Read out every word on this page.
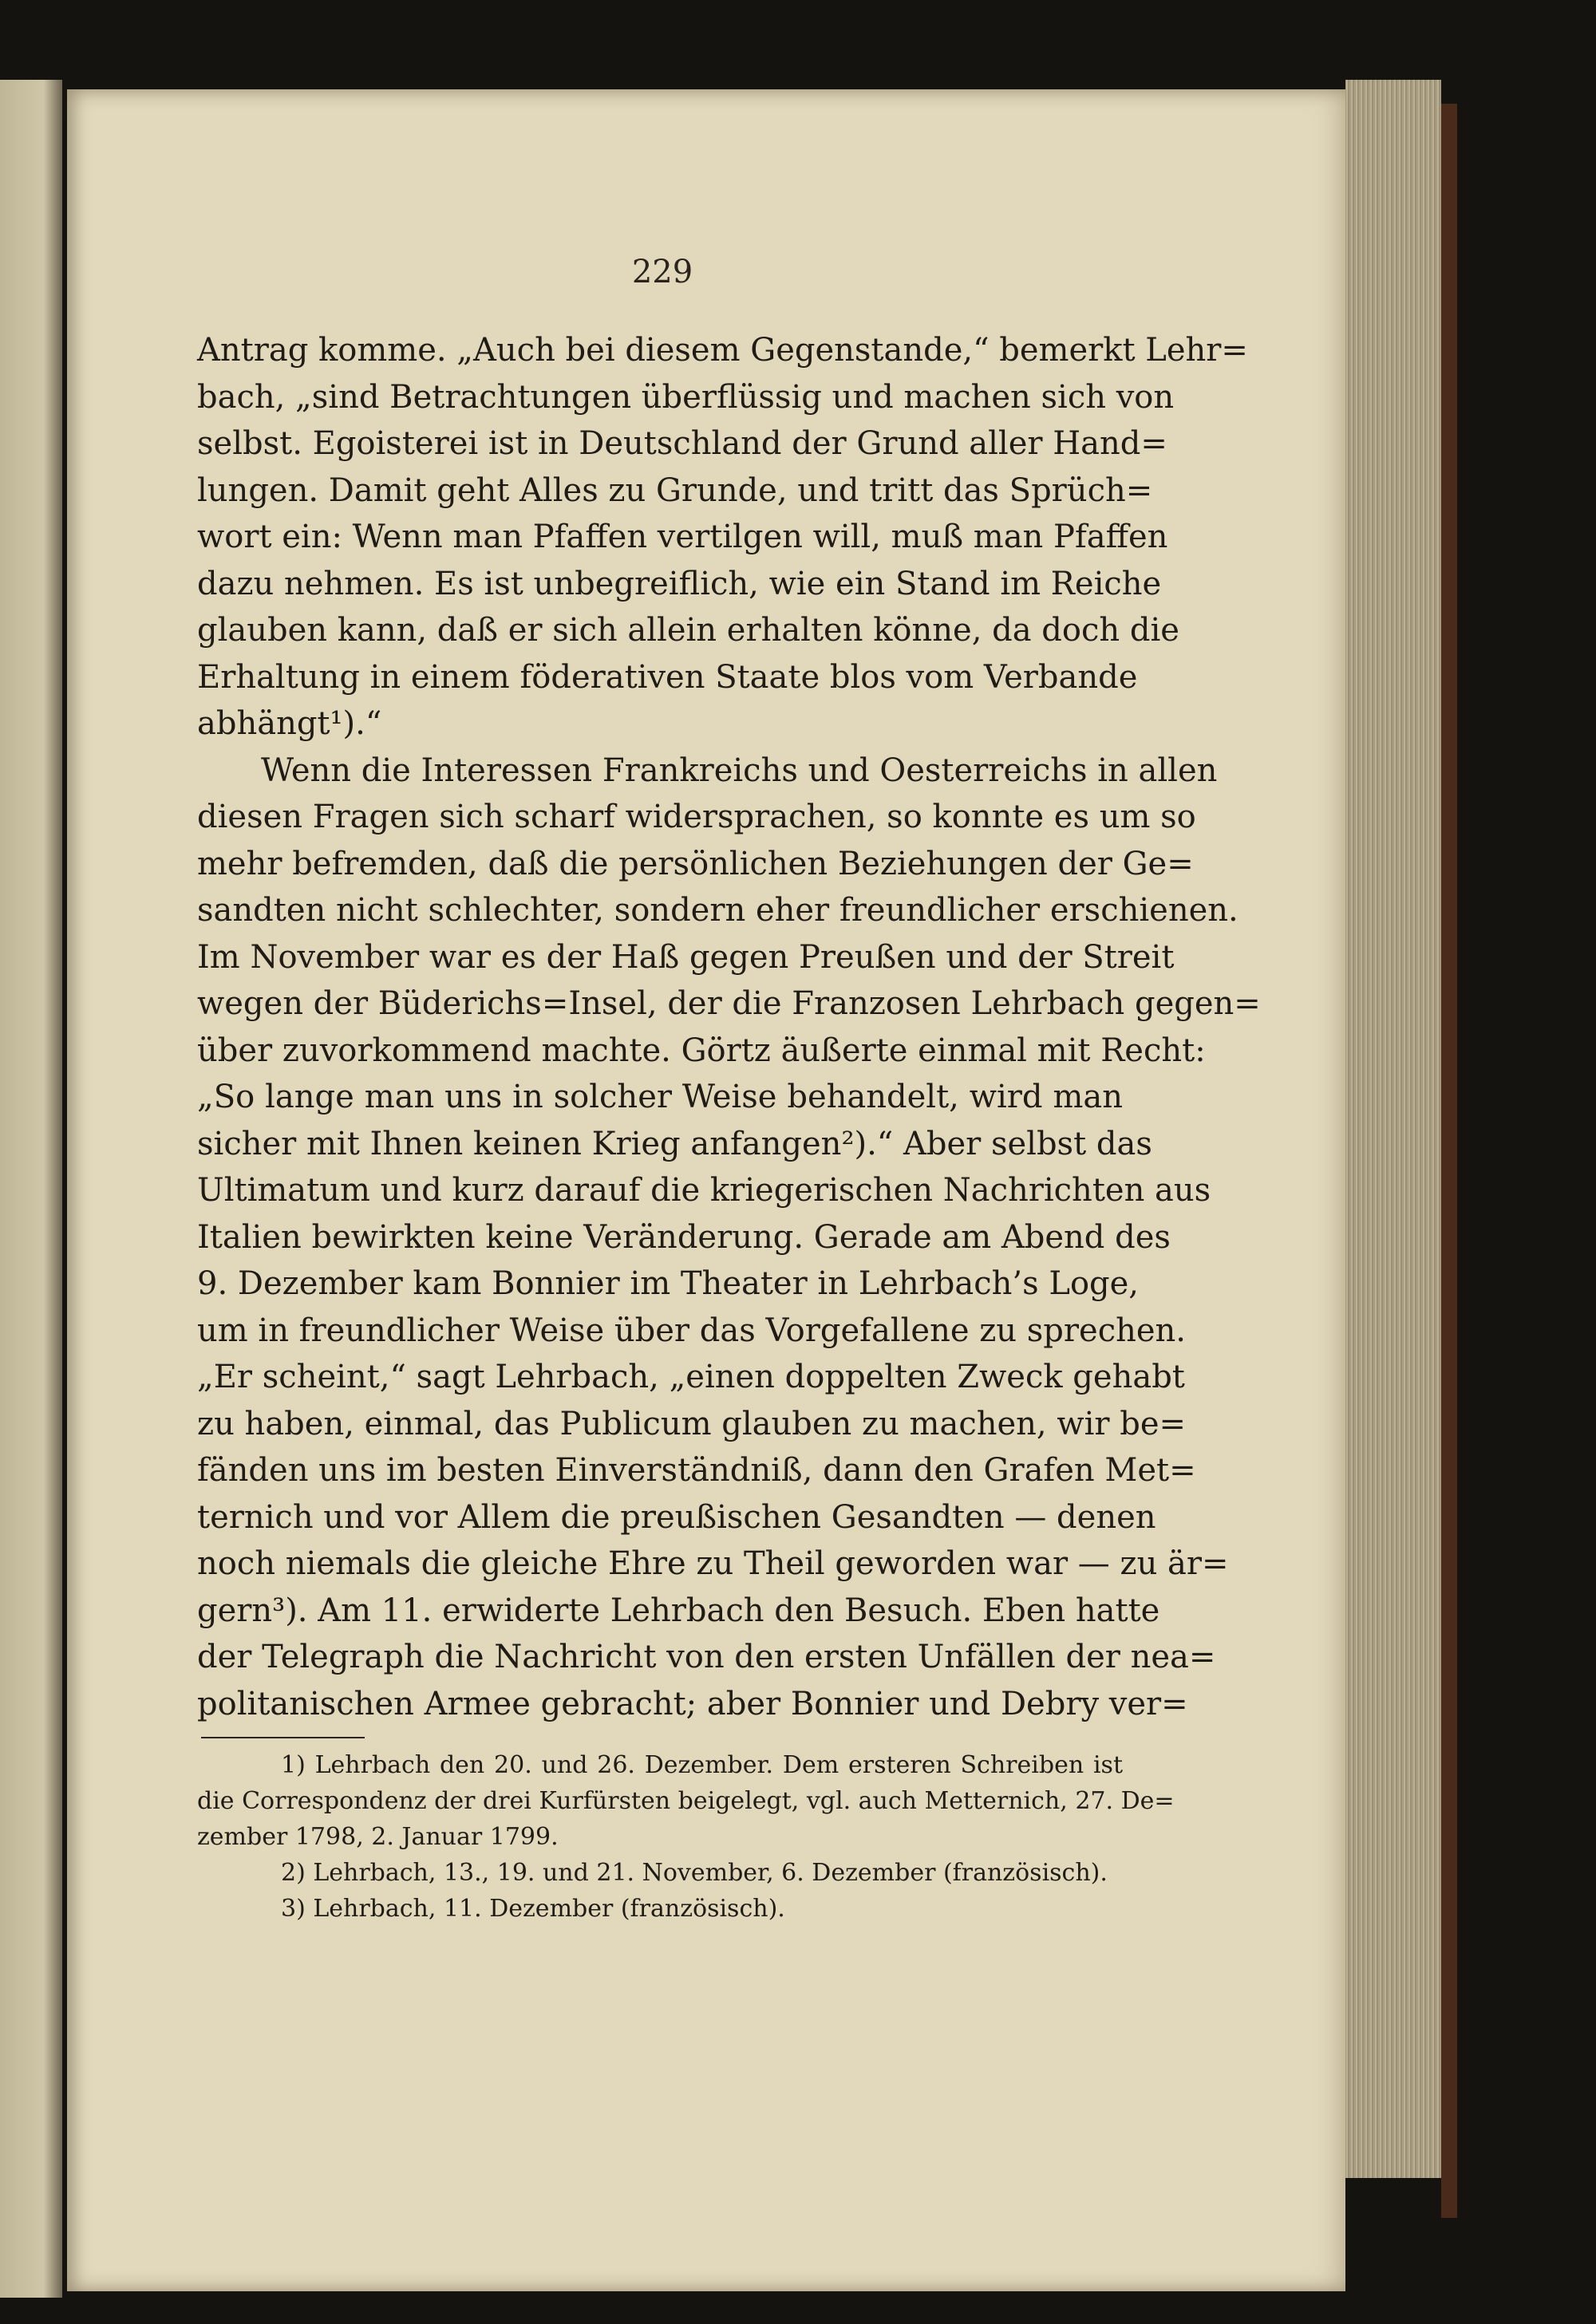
229
Antrag komme. „Auch bei diesem Gegenstande,“ bemerkt Lehr=
bach, „sind Betrachtungen überflüssig und machen sich von
selbst. Egoisterei ist in Deutschland der Grund aller Hand=
lungen. Damit geht Alles zu Grunde, und tritt das Sprüch=
wort ein: Wenn man Pfaffen vertilgen will, muß man Pfaffen
dazu nehmen. Es ist unbegreiflich, wie ein Stand im Reiche
glauben kann, daß er sich allein erhalten könne, da doch die
Erhaltung in einem föderativen Staate blos vom Verbande
abhängt¹).“
Wenn die Interessen Frankreichs und Oesterreichs in allen
diesen Fragen sich scharf widersprachen, so konnte es um so
mehr befremden, daß die persönlichen Beziehungen der Ge=
sandten nicht schlechter, sondern eher freundlicher erschienen.
Im November war es der Haß gegen Preußen und der Streit
wegen der Büderichs=Insel, der die Franzosen Lehrbach gegen=
über zuvorkommend machte. Görtz äußerte einmal mit Recht:
„So lange man uns in solcher Weise behandelt, wird man
sicher mit Ihnen keinen Krieg anfangen²).“ Aber selbst das
Ultimatum und kurz darauf die kriegerischen Nachrichten aus
Italien bewirkten keine Veränderung. Gerade am Abend des
9. Dezember kam Bonnier im Theater in Lehrbach’s Loge,
um in freundlicher Weise über das Vorgefallene zu sprechen.
„Er scheint,“ sagt Lehrbach, „einen doppelten Zweck gehabt
zu haben, einmal, das Publicum glauben zu machen, wir be=
fänden uns im besten Einverständniß, dann den Grafen Met=
ternich und vor Allem die preußischen Gesandten — denen
noch niemals die gleiche Ehre zu Theil geworden war — zu är=
gern³). Am 11. erwiderte Lehrbach den Besuch. Eben hatte
der Telegraph die Nachricht von den ersten Unfällen der nea=
politanischen Armee gebracht; aber Bonnier und Debry ver=
1) Lehrbach den 20. und 26. Dezember. Dem ersteren Schreiben ist
die Correspondenz der drei Kurfürsten beigelegt, vgl. auch Metternich, 27. De=
zember 1798, 2. Januar 1799.
2) Lehrbach, 13., 19. und 21. November, 6. Dezember (französisch).
3) Lehrbach, 11. Dezember (französisch).
